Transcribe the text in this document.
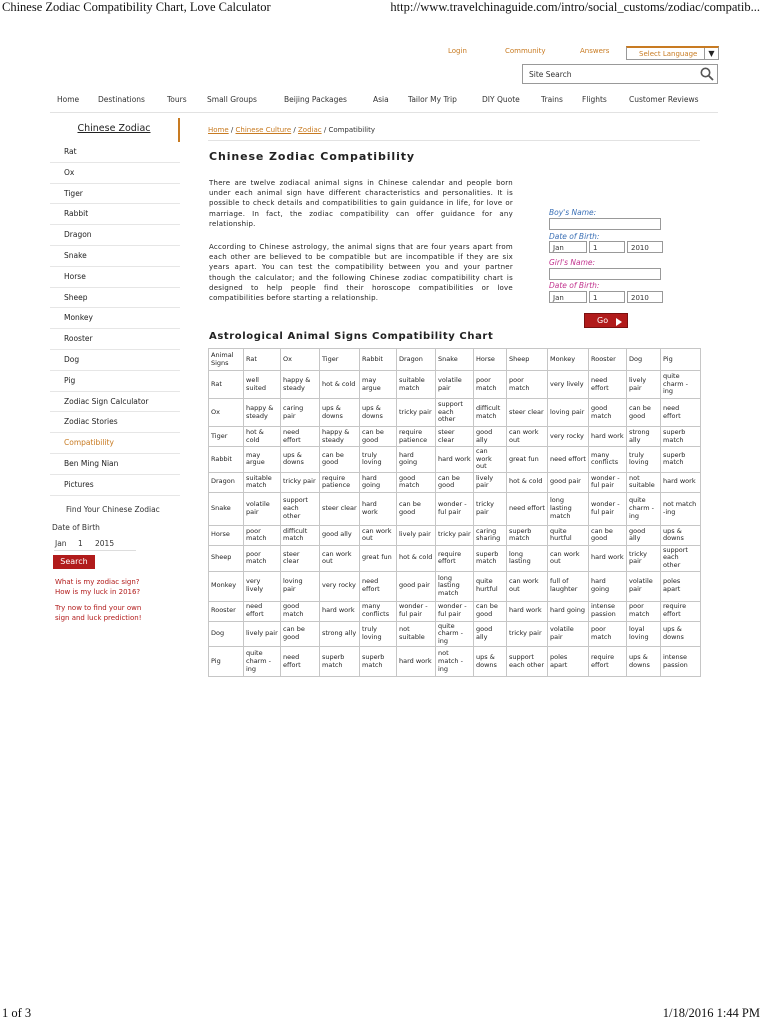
Chinese Zodiac Compatibility Chart, Love Calculator	http://www.travelchinaguide.com/intro/social_customs/zodiac/compatib...
1 of 3	1/18/2016 1:44 PM
Login	Community	Answers	Select Language	▼
Site Search
Home	Destinations	Tours	Small Groups	Beijing Packages	Asia	Tailor My Trip	DIY Quote	Trains	Flights	Customer Reviews
Chinese Zodiac
Rat
Ox
Tiger
Rabbit
Dragon
Snake
Horse
Sheep
Monkey
Rooster
Dog
Pig
Zodiac Sign Calculator
Zodiac Stories
Compatibility
Ben Ming Nian
Pictures
Find Your Chinese Zodiac
Date of Birth
Jan 1 2015
Search
What is my zodiac sign?
How is my luck in 2016?
Try now to find your own
sign and luck prediction!
Home / Chinese Culture / Zodiac / Compatibility
Chinese Zodiac Compatibility

There are twelve zodiacal animal signs in Chinese calendar and people born under each animal sign have different characteristics and personalities. It is possible to check details and compatibilities to gain guidance in life, for love or marriage. In fact, the zodiac compatibility can offer guidance for any relationship.

According to Chinese astrology, the animal signs that are four years apart from each other are believed to be compatible but are incompatible if they are six years apart. You can test the compatibility between you and your partner though the calculator; and the following Chinese zodiac compatibility chart is designed to help people find their horoscope compatibilities or love compatibilities before starting a relationship.

Boy's Name:
Date of Birth:
Jan	1	2010
Girl's Name:
Date of Birth:
Jan	1	2010
Go
Astrological Animal Signs Compatibility Chart
Animal Signs	Rat	Ox	Tiger	Rabbit	Dragon	Snake	Horse	Sheep	Monkey	Rooster	Dog	Pig
Rat	well suited	happy & steady	hot & cold	may argue	suitable match	volatile pair	poor match	poor match	very lively	need effort	lively pair	quite charm -ing
Ox	happy & steady	caring pair	ups & downs	ups & downs	tricky pair	support each other	difficult match	steer clear	loving pair	good match	can be good	need effort
Tiger	hot & cold	need effort	happy & steady	can be good	require patience	steer clear	good ally	can work out	very rocky	hard work	strong ally	superb match
Rabbit	may argue	ups & downs	can be good	truly loving	hard going	hard work	can work out	great fun	need effort	many conflicts	truly loving	superb match
Dragon	suitable match	tricky pair	require patience	hard going	good match	can be good	lively pair	hot & cold	good pair	wonder -ful pair	not suitable	hard work
Snake	volatile pair	support each other	steer clear	hard work	can be good	wonder -ful pair	tricky pair	need effort	long lasting match	wonder -ful pair	quite charm -ing	not match -ing
Horse	poor match	difficult match	good ally	can work out	lively pair	tricky pair	caring sharing	superb match	quite hurtful	can be good	good ally	ups & downs
Sheep	poor match	steer clear	can work out	great fun	hot & cold	require effort	superb match	long lasting	can work out	hard work	tricky pair	support each other
Monkey	very lively	loving pair	very rocky	need effort	good pair	long lasting match	quite hurtful	can work out	full of laughter	hard going	volatile pair	poles apart
Rooster	need effort	good match	hard work	many conflicts	wonder -ful pair	wonder -ful pair	can be good	hard work	hard going	intense passion	poor match	require effort
Dog	lively pair	can be good	strong ally	truly loving	not suitable	quite charm -ing	good ally	tricky pair	volatile pair	poor match	loyal loving	ups & downs
Pig	quite charm -ing	need effort	superb match	superb match	hard work	not match -ing	ups & downs	support each other	poles apart	require effort	ups & downs	intense passion
